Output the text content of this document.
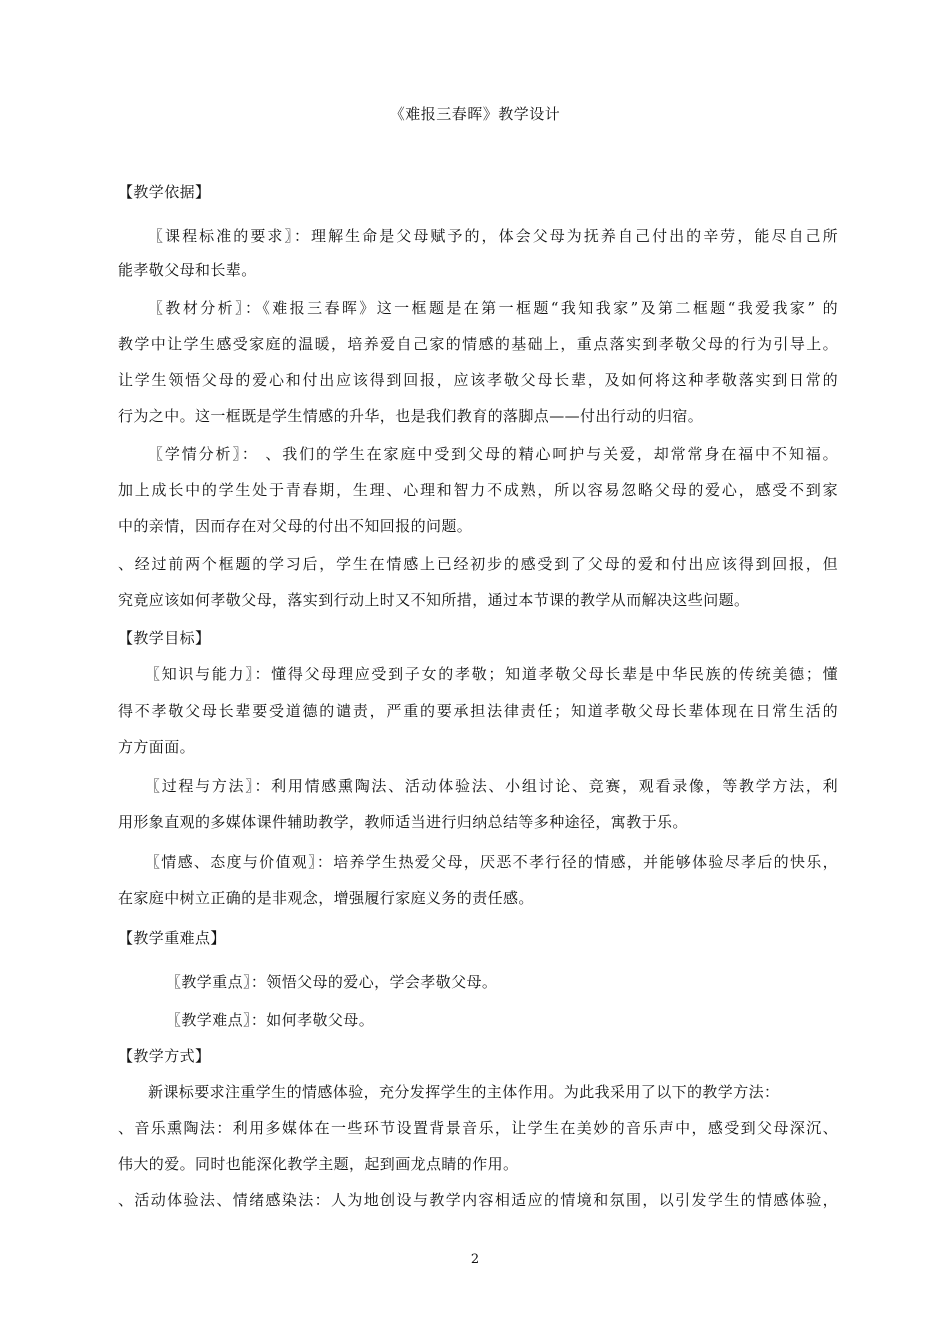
《难报三春晖》教学设计
【教学依据】
〖课程标准的要求〗：理解生命是父母赋予的，体会父母为抚养自己付出的辛劳，能尽自己所
能孝敬父母和长辈。
〖教材分析〗：《难报三春晖》这一框题是在第一框题“我知我家”及第二框题“我爱我家” 的
教学中让学生感受家庭的温暖，培养爱自己家的情感的基础上，重点落实到孝敬父母的行为引导上。
让学生领悟父母的爱心和付出应该得到回报，应该孝敬父母长辈，及如何将这种孝敬落实到日常的
行为之中。这一框既是学生情感的升华，也是我们教育的落脚点——付出行动的归宿。
〖学情分析〗： 、我们的学生在家庭中受到父母的精心呵护与关爱，却常常身在福中不知福。
加上成长中的学生处于青春期，生理、心理和智力不成熟，所以容易忽略父母的爱心，感受不到家
中的亲情，因而存在对父母的付出不知回报的问题。
、经过前两个框题的学习后，学生在情感上已经初步的感受到了父母的爱和付出应该得到回报，但
究竟应该如何孝敬父母，落实到行动上时又不知所措，通过本节课的教学从而解决这些问题。
【教学目标】
〖知识与能力〗：懂得父母理应受到子女的孝敬；知道孝敬父母长辈是中华民族的传统美德；懂
得不孝敬父母长辈要受道德的谴责，严重的要承担法律责任；知道孝敬父母长辈体现在日常生活的
方方面面。
〖过程与方法〗：利用情感熏陶法、活动体验法、小组讨论、竞赛，观看录像，等教学方法，利
用形象直观的多媒体课件辅助教学，教师适当进行归纳总结等多种途径，寓教于乐。
〖情感、态度与价值观〗：培养学生热爱父母，厌恶不孝行径的情感，并能够体验尽孝后的快乐，
在家庭中树立正确的是非观念，增强履行家庭义务的责任感。
【教学重难点】
〖教学重点〗：领悟父母的爱心，学会孝敬父母。
〖教学难点〗：如何孝敬父母。
【教学方式】
新课标要求注重学生的情感体验，充分发挥学生的主体作用。为此我采用了以下的教学方法：
、音乐熏陶法：利用多媒体在一些环节设置背景音乐，让学生在美妙的音乐声中，感受到父母深沉、
伟大的爱。同时也能深化教学主题，起到画龙点睛的作用。
、活动体验法、情绪感染法：人为地创设与教学内容相适应的情境和氛围，以引发学生的情感体验，
2
